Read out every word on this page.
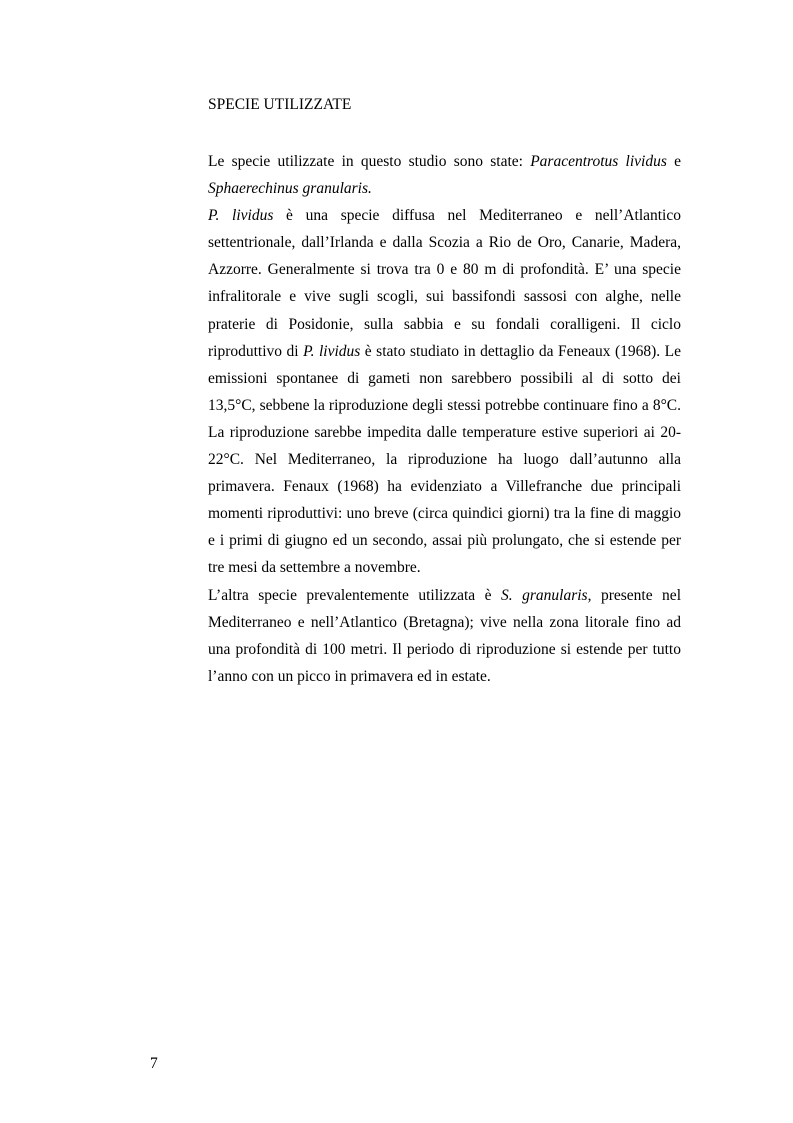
SPECIE UTILIZZATE

Le specie utilizzate in questo studio sono state: Paracentrotus lividus e Sphaerechinus granularis.

P. lividus è una specie diffusa nel Mediterraneo e nell’Atlantico settentrionale, dall’Irlanda e dalla Scozia a Rio de Oro, Canarie, Madera, Azzorre. Generalmente si trova tra 0 e 80 m di profondità. E’ una specie infralitorale e vive sugli scogli, sui bassifondi sassosi con alghe, nelle praterie di Posidonie, sulla sabbia e su fondali coralligeni. Il ciclo riproduttivo di P. lividus è stato studiato in dettaglio da Feneaux (1968). Le emissioni spontanee di gameti non sarebbero possibili al di sotto dei 13,5°C, sebbene la riproduzione degli stessi potrebbe continuare fino a 8°C. La riproduzione sarebbe impedita dalle temperature estive superiori ai 20-22°C. Nel Mediterraneo, la riproduzione ha luogo dall’autunno alla primavera. Fenaux (1968) ha evidenziato a Villefranche due principali momenti riproduttivi: uno breve (circa quindici giorni) tra la fine di maggio e i primi di giugno ed un secondo, assai più prolungato, che si estende per tre mesi da settembre a novembre.

L’altra specie prevalentemente utilizzata è S. granularis, presente nel Mediterraneo e nell’Atlantico (Bretagna); vive nella zona litorale fino ad una profondità di 100 metri. Il periodo di riproduzione si estende per tutto l’anno con un picco in primavera ed in estate.

7
